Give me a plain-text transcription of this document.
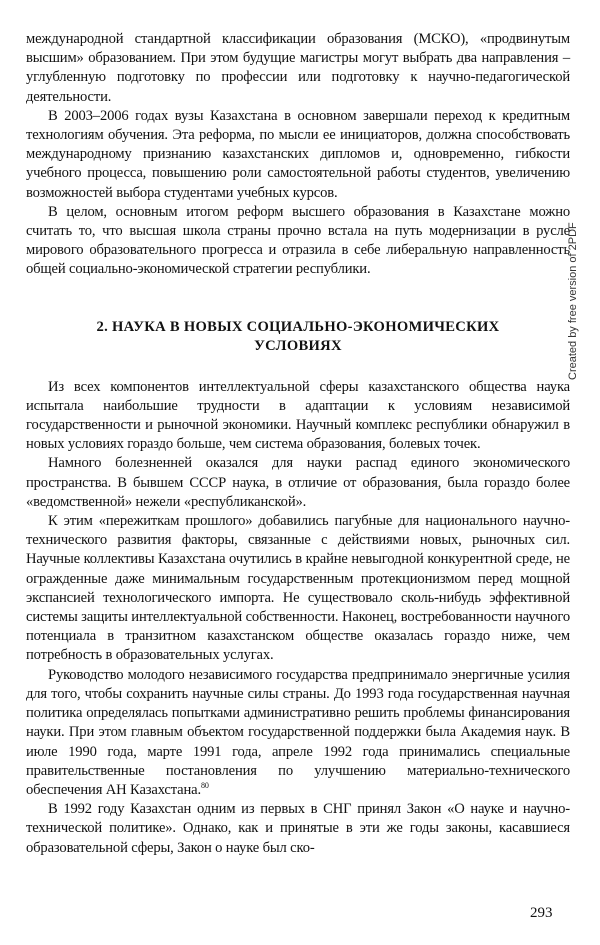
международной стандартной классификации образования (МСКО), «продвинутым высшим» образованием. При этом будущие магистры могут выбрать два направления – углубленную подготовку по профессии или подготовку к научно-педагогической деятельности.

В 2003–2006 годах вузы Казахстана в основном завершали переход к кредитным технологиям обучения. Эта реформа, по мысли ее инициаторов, должна способствовать международному признанию казахстанских дипломов и, одновременно, гибкости учебного процесса, повышению роли самостоятельной работы студентов, увеличению возможностей выбора студентами учебных курсов.

В целом, основным итогом реформ высшего образования в Казахстане можно считать то, что высшая школа страны прочно встала на путь модернизации в русле мирового образовательного прогресса и отразила в себе либеральную направленность общей социально-экономической стратегии республики.

2. НАУКА В НОВЫХ СОЦИАЛЬНО-ЭКОНОМИЧЕСКИХ
УСЛОВИЯХ

Из всех компонентов интеллектуальной сферы казахстанского общества наука испытала наибольшие трудности в адаптации к условиям независимой государственности и рыночной экономики. Научный комплекс республики обнаружил в новых условиях гораздо больше, чем система образования, болевых точек.

Намного болезненней оказался для науки распад единого экономического пространства. В бывшем СССР наука, в отличие от образования, была гораздо более «ведомственной» нежели «республиканской».

К этим «пережиткам прошлого» добавились пагубные для национального научно-технического развития факторы, связанные с действиями новых, рыночных сил. Научные коллективы Казахстана очутились в крайне невыгодной конкурентной среде, не огражденные даже минимальным государственным протекционизмом перед мощной экспансией технологического импорта. Не существовало сколь-нибудь эффективной системы защиты интеллектуальной собственности. Наконец, востребованности научного потенциала в транзитном казахстанском обществе оказалась гораздо ниже, чем потребность в образовательных услугах.

Руководство молодого независимого государства предпринимало энергичные усилия для того, чтобы сохранить научные силы страны. До 1993 года государственная научная политика определялась попытками административно решить проблемы финансирования науки. При этом главным объектом государственной поддержки была Академия наук. В июле 1990 года, марте 1991 года, апреле 1992 года принимались специальные правительственные постановления по улучшению материально-технического обеспечения АН Казахстана.$^{80}$

В 1992 году Казахстан одним из первых в СНГ принял Закон «О науке и научно-технической политике». Однако, как и принятые в эти же годы законы, касавшиеся образовательной сферы, Закон о науке был ско-

Created by free version of 2PDF
293
